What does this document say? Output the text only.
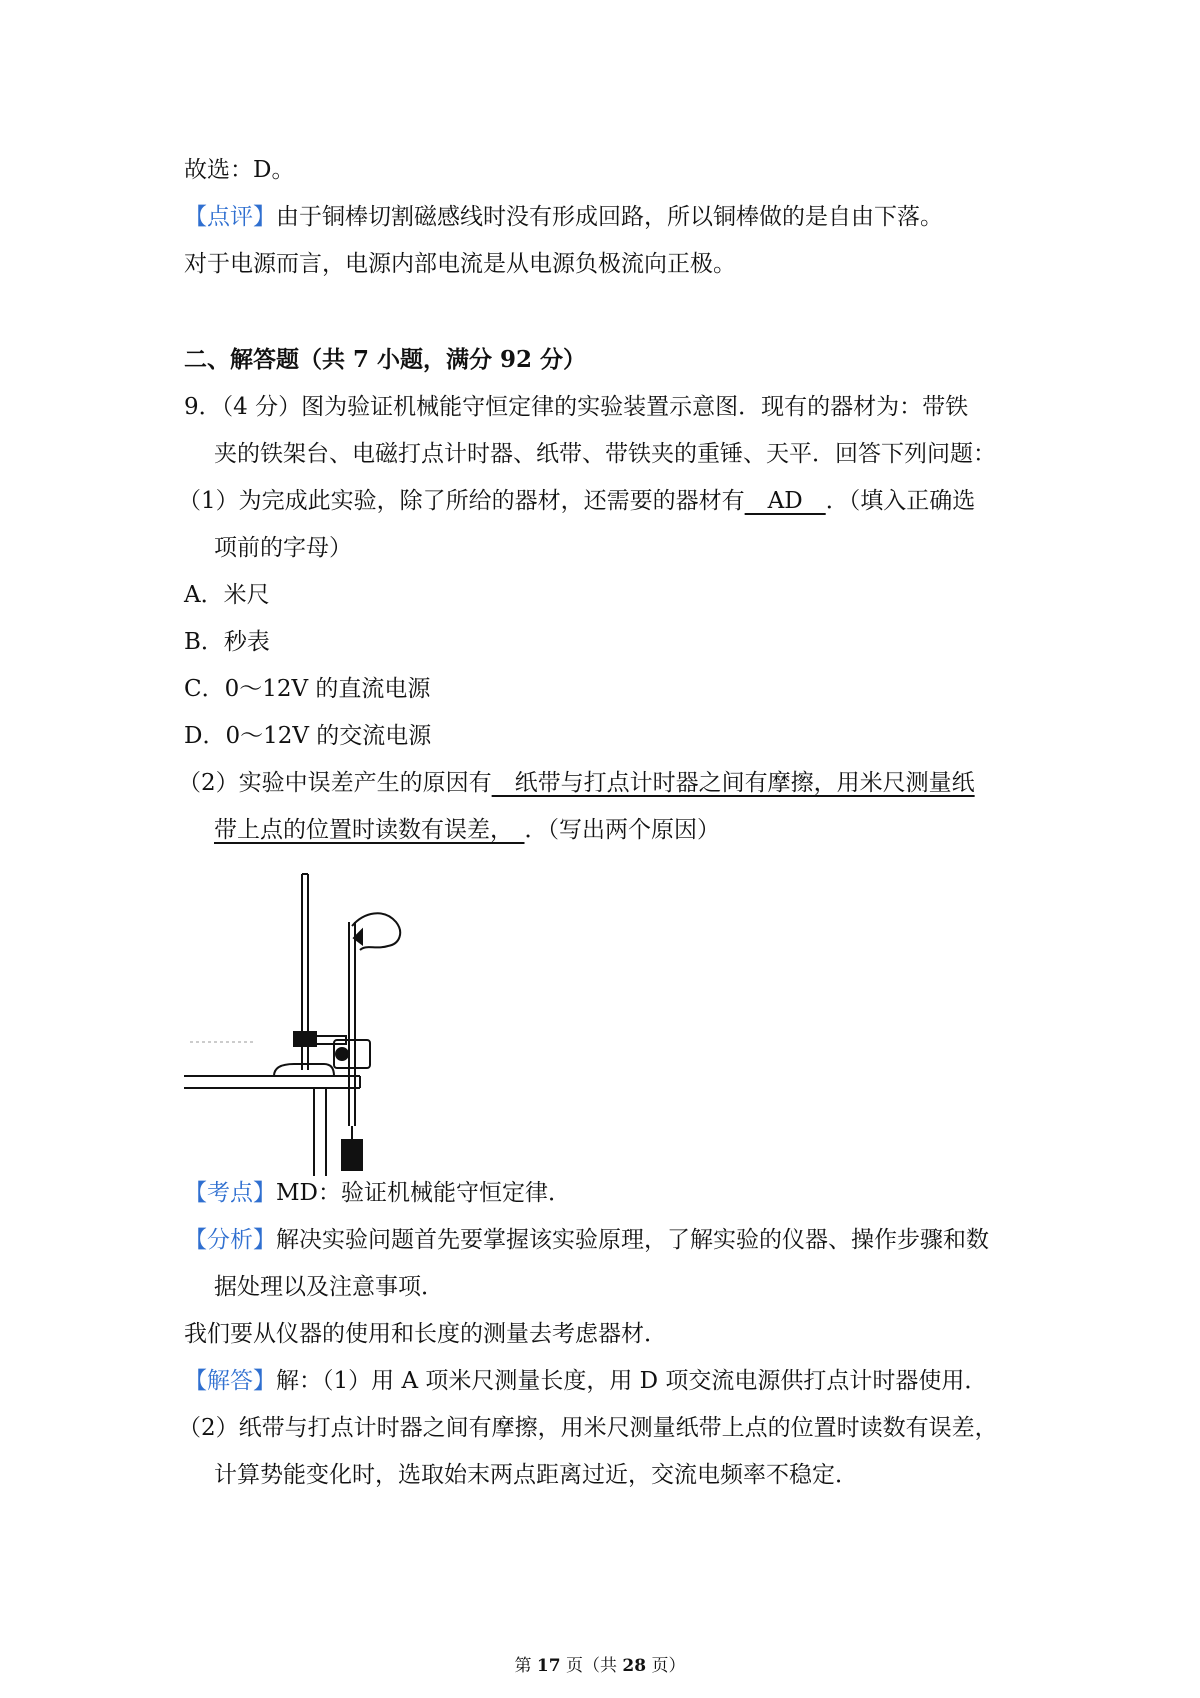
故选：D。
【点评】由于铜棒切割磁感线时没有形成回路，所以铜棒做的是自由下落。
对于电源而言，电源内部电流是从电源负极流向正极。
二、解答题（共 7 小题，满分 92 分）
9．（4 分）图为验证机械能守恒定律的实验装置示意图．现有的器材为：带铁
夹的铁架台、电磁打点计时器、纸带、带铁夹的重锤、天平．回答下列问题：
（1）为完成此实验，除了所给的器材，还需要的器材有　AD　．（填入正确选
项前的字母）
A．米尺
B．秒表
C．0～12V 的直流电源
D．0～12V 的交流电源
（2）实验中误差产生的原因有　纸带与打点计时器之间有摩擦，用米尺测量纸
带上点的位置时读数有误差，　．（写出两个原因）
【考点】MD：验证机械能守恒定律．
【分析】解决实验问题首先要掌握该实验原理，了解实验的仪器、操作步骤和数
据处理以及注意事项．
我们要从仪器的使用和长度的测量去考虑器材．
【解答】解：（1）用 A 项米尺测量长度，用 D 项交流电源供打点计时器使用．
（2）纸带与打点计时器之间有摩擦，用米尺测量纸带上点的位置时读数有误差，
计算势能变化时，选取始末两点距离过近，交流电频率不稳定．
第 17 页（共 28 页）
